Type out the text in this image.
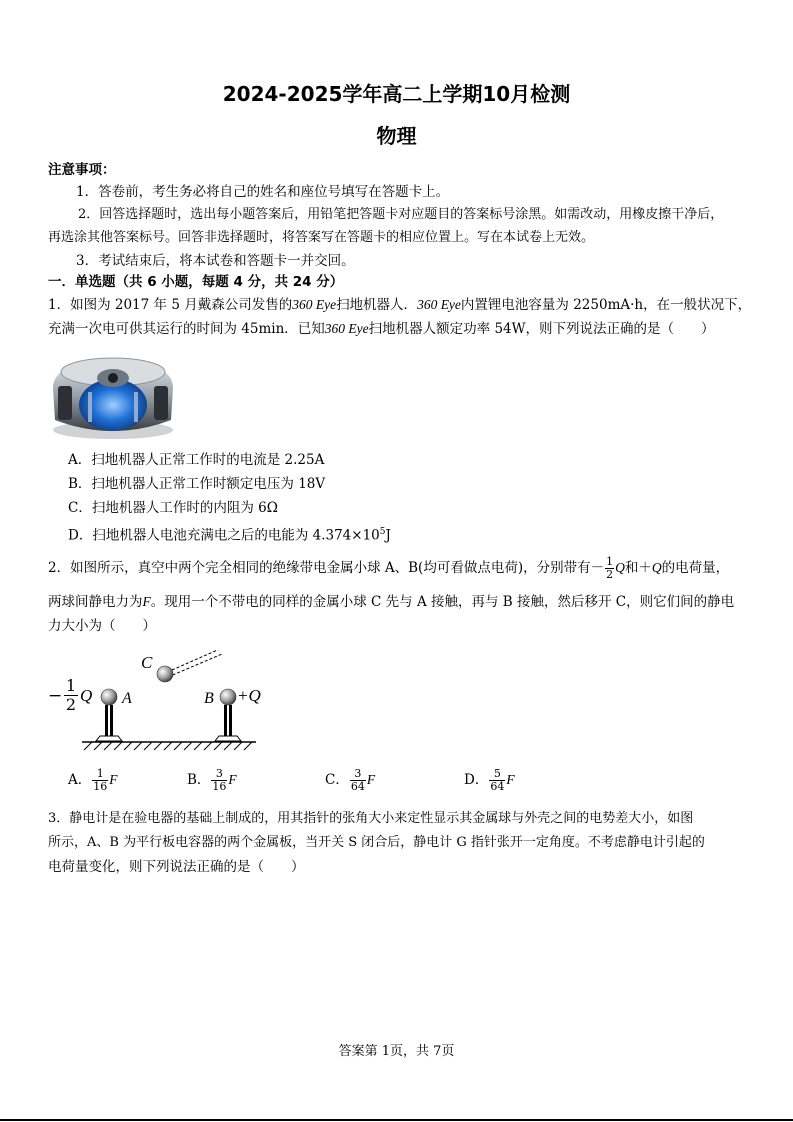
2024-2025学年高二上学期10月检测
物理
注意事项：
1．答卷前，考生务必将自己的姓名和座位号填写在答题卡上。
2．回答选择题时，选出每小题答案后，用铅笔把答题卡对应题目的答案标号涂黑。如需改动，用橡皮擦干净后，
再选涂其他答案标号。回答非选择题时，将答案写在答题卡的相应位置上。写在本试卷上无效。
3．考试结束后，将本试卷和答题卡一并交回。
一．单选题（共 6 小题，每题 4 分，共 24 分）
1．如图为 2017 年 5 月戴森公司发售的360 Eye扫地机器人．360 Eye内置锂电池容量为 2250mA·h，在一般状况下，
充满一次电可供其运行的时间为 45min．已知360 Eye扫地机器人额定功率 54W，则下列说法正确的是（　　）
A．扫地机器人正常工作时的电流是 2.25A
B．扫地机器人正常工作时额定电压为 18V
C．扫地机器人工作时的内阻为 6Ω
D．扫地机器人电池充满电之后的电能为 $4.374\times 10^5J$
2．如图所示，真空中两个完全相同的绝缘带电金属小球 A、B(均可看做点电荷)，分别带有－ $\frac{1}{2}$ Q和＋Q的电荷量，
两球间静电力为F。现用一个不带电的同样的金属小球 C 先与 A 接触，再与 B 接触，然后移开 C，则它们间的静电
力大小为（　　）
C
A	B +Q
−
1
2 Q
A． $\frac{1}{16}$ F	B． $\frac{3}{16}$ F	C． $\frac{3}{64}$ F	D． $\frac{5}{64}$ F
3．静电计是在验电器的基础上制成的，用其指针的张角大小来定性显示其金属球与外壳之间的电势差大小，如图
所示，A、B 为平行板电容器的两个金属板，当开关 S 闭合后，静电计 G 指针张开一定角度。不考虑静电计引起的
电荷量变化，则下列说法正确的是（　　）
答案第 1页，共 7页
